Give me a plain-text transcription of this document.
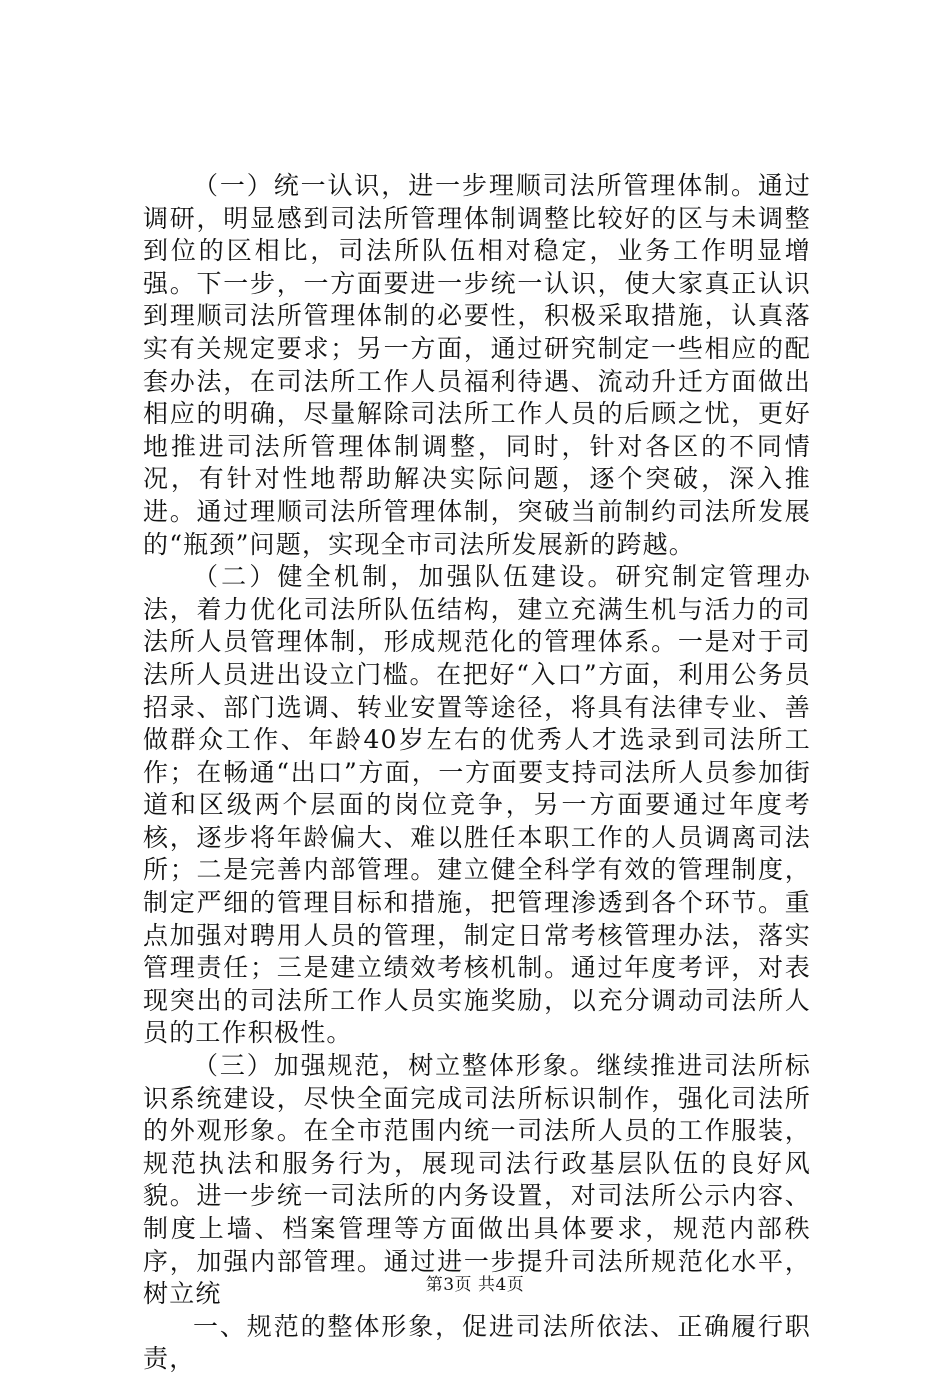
（一）统一认识，进一步理顺司法所管理体制。通过调研，明显感到司法所管理体制调整比较好的区与未调整到位的区相比，司法所队伍相对稳定，业务工作明显增强。下一步，一方面要进一步统一认识，使大家真正认识到理顺司法所管理体制的必要性，积极采取措施，认真落实有关规定要求；另一方面，通过研究制定一些相应的配套办法，在司法所工作人员福利待遇、流动升迁方面做出相应的明确，尽量解除司法所工作人员的后顾之忧，更好地推进司法所管理体制调整，同时，针对各区的不同情况，有针对性地帮助解决实际问题，逐个突破，深入推进。通过理顺司法所管理体制，突破当前制约司法所发展的“瓶颈”问题，实现全市司法所发展新的跨越。

（二）健全机制，加强队伍建设。研究制定管理办法，着力优化司法所队伍结构，建立充满生机与活力的司法所人员管理体制，形成规范化的管理体系。一是对于司法所人员进出设立门槛。在把好“入口”方面，利用公务员招录、部门选调、转业安置等途径，将具有法律专业、善做群众工作、年龄40岁左右的优秀人才选录到司法所工作；在畅通“出口”方面，一方面要支持司法所人员参加街道和区级两个层面的岗位竞争，另一方面要通过年度考核，逐步将年龄偏大、难以胜任本职工作的人员调离司法所；二是完善内部管理。建立健全科学有效的管理制度，制定严细的管理目标和措施，把管理渗透到各个环节。重点加强对聘用人员的管理，制定日常考核管理办法，落实管理责任；三是建立绩效考核机制。通过年度考评，对表现突出的司法所工作人员实施奖励，以充分调动司法所人员的工作积极性。

（三）加强规范，树立整体形象。继续推进司法所标识系统建设，尽快全面完成司法所标识制作，强化司法所的外观形象。在全市范围内统一司法所人员的工作服装，规范执法和服务行为，展现司法行政基层队伍的良好风貌。进一步统一司法所的内务设置，对司法所公示内容、制度上墙、档案管理等方面做出具体要求，规范内部秩序，加强内部管理。通过进一步提升司法所规范化水平，树立统

一、规范的整体形象，促进司法所依法、正确履行职责，

第3页 共4页
